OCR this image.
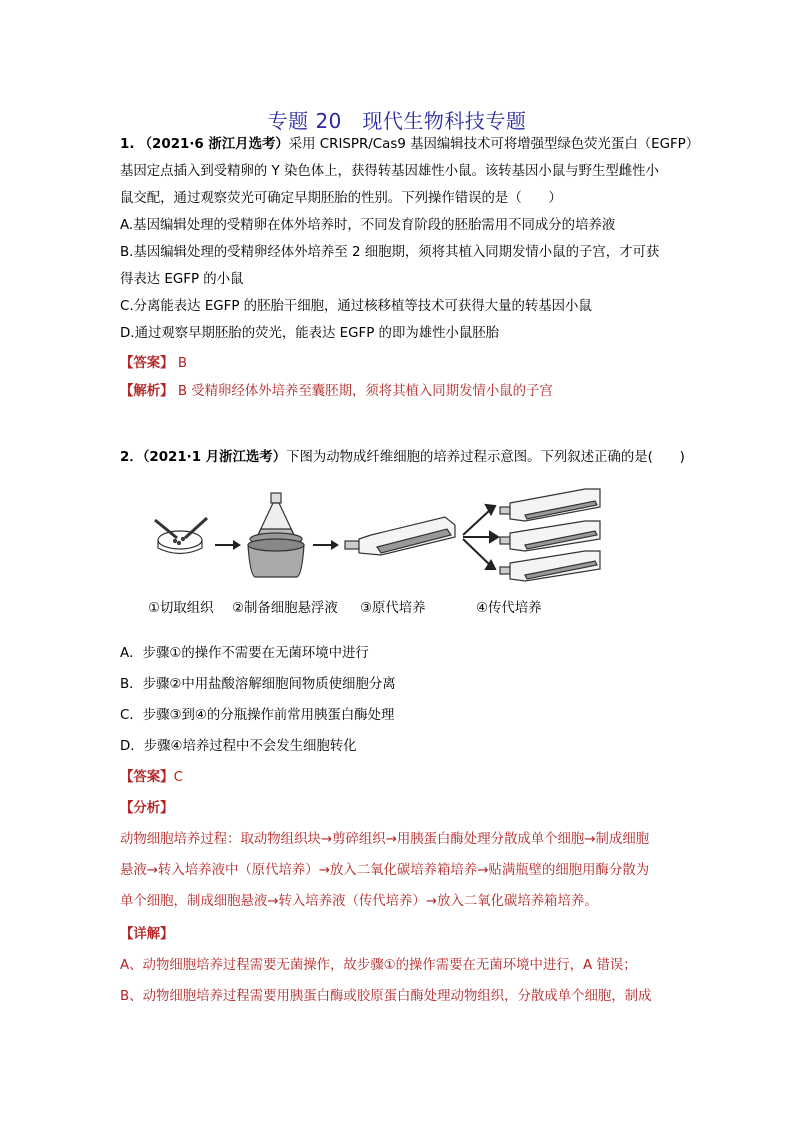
专题 20　现代生物科技专题
1. （2021·6 浙江月选考）采用 CRISPR/Cas9 基因编辑技术可将增强型绿色荧光蛋白（EGFP）
基因定点插入到受精卵的 Y 染色体上，获得转基因雄性小鼠。该转基因小鼠与野生型雌性小
鼠交配，通过观察荧光可确定早期胚胎的性别。下列操作错误的是（　　）
A.基因编辑处理的受精卵在体外培养时，不同发育阶段的胚胎需用不同成分的培养液
B.基因编辑处理的受精卵经体外培养至 2 细胞期，须将其植入同期发情小鼠的子宫，才可获
得表达 EGFP 的小鼠
C.分离能表达 EGFP 的胚胎干细胞，通过核移植等技术可获得大量的转基因小鼠
D.通过观察早期胚胎的荧光，能表达 EGFP 的即为雄性小鼠胚胎
【答案】 B
【解析】 B 受精卵经体外培养至囊胚期，须将其植入同期发情小鼠的子宫
2．（2021·1 月浙江选考）下图为动物成纤维细胞的培养过程示意图。下列叙述正确的是(　　)
①切取组织 ②制备细胞悬浮液 ③原代培养	④传代培养
A．步骤①的操作不需要在无菌环境中进行
B．步骤②中用盐酸溶解细胞间物质使细胞分离
C．步骤③到④的分瓶操作前常用胰蛋白酶处理
D．步骤④培养过程中不会发生细胞转化
【答案】C
【分析】
动物细胞培养过程：取动物组织块→剪碎组织→用胰蛋白酶处理分散成单个细胞→制成细胞
悬液→转入培养液中（原代培养）→放入二氧化碳培养箱培养→贴满瓶壁的细胞用酶分散为
单个细胞，制成细胞悬液→转入培养液（传代培养）→放入二氧化碳培养箱培养。
【详解】
A、动物细胞培养过程需要无菌操作，故步骤①的操作需要在无菌环境中进行，A 错误；
B、动物细胞培养过程需要用胰蛋白酶或胶原蛋白酶处理动物组织，分散成单个细胞，制成
